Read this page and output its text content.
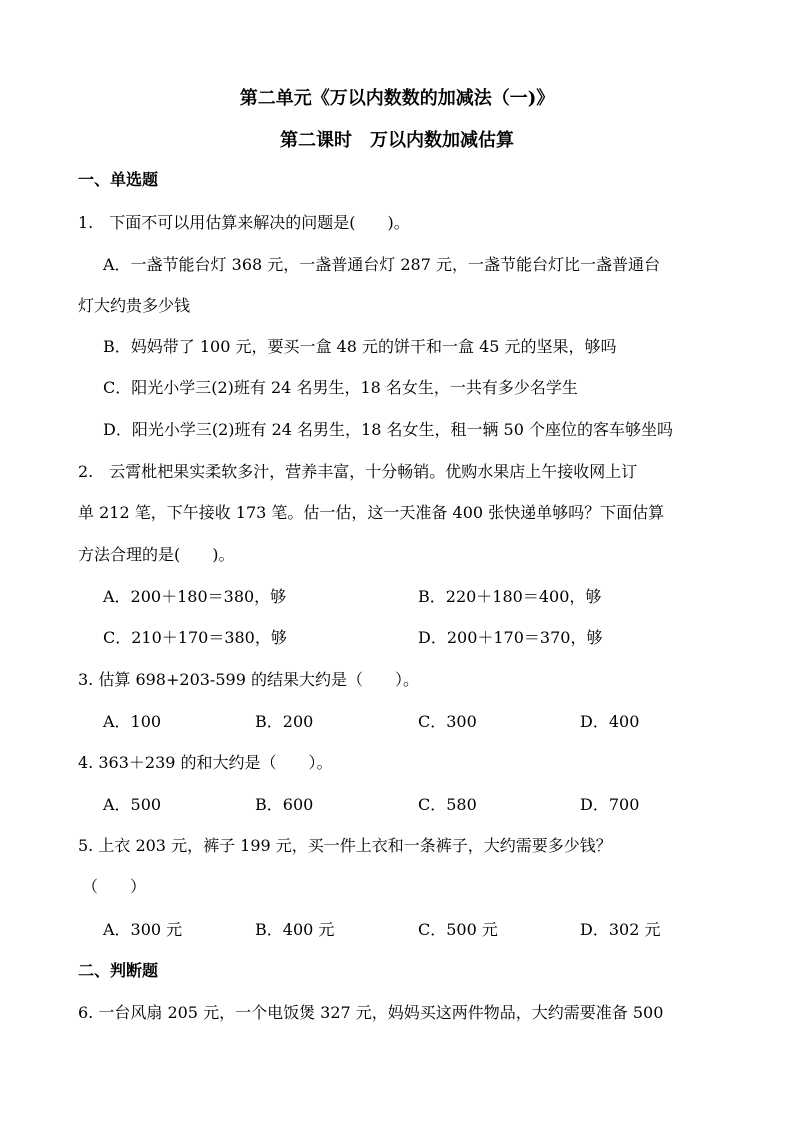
第二单元《万以内数数的加减法（一)》
第二课时　万以内数加减估算
一、单选题
1.　下面不可以用估算来解决的问题是(　　)。
A．一盏节能台灯 368 元，一盏普通台灯 287 元，一盏节能台灯比一盏普通台
灯大约贵多少钱
B．妈妈带了 100 元，要买一盒 48 元的饼干和一盒 45 元的坚果，够吗
C．阳光小学三(2)班有 24 名男生，18 名女生，一共有多少名学生
D．阳光小学三(2)班有 24 名男生，18 名女生，租一辆 50 个座位的客车够坐吗
2.　云霄枇杷果实柔软多汁，营养丰富，十分畅销。优购水果店上午接收网上订
单 212 笔，下午接收 173 笔。估一估，这一天准备 400 张快递单够吗？下面估算
方法合理的是(　　)。
A．200＋180＝380，够	B．220＋180＝400，够
C．210＋170＝380，够	D．200＋170＝370，够
3. 估算 698+203-599 的结果大约是（　　）。
A．100	B．200	C．300	D．400
4. 363＋239 的和大约是（　　）。
A．500	B．600	C．580	D．700
5. 上衣 203 元，裤子 199 元，买一件上衣和一条裤子，大约需要多少钱？
（　　）
A．300 元	B．400 元	C．500 元	D．302 元
二、判断题
6. 一台风扇 205 元，一个电饭煲 327 元，妈妈买这两件物品，大约需要准备 500
